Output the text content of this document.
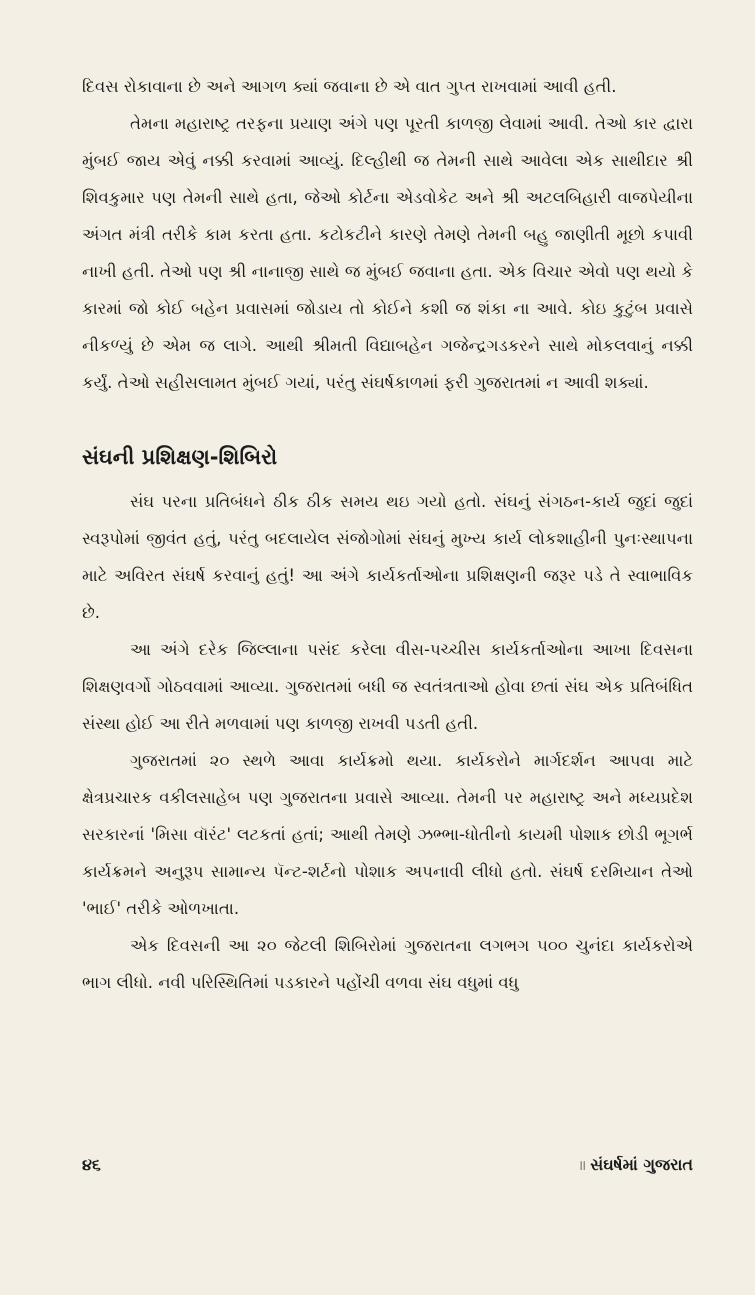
દિવસ રોકાવાના છે અને આગળ ક્યાં જવાના છે એ વાત ગુપ્ત રાખવામાં આવી હતી.

તેમના મહારાષ્ટ્ર તરફના પ્રયાણ અંગે પણ પૂરતી કાળજી લેવામાં આવી. તેઓ કાર દ્વારા મુંબઈ જાય એવું નક્કી કરવામાં આવ્યું. દિલ્હીથી જ તેમની સાથે આવેલા એક સાથીદાર શ્રી શિવકુમાર પણ તેમની સાથે હતા, જેઓ કોર્ટના એડવોકેટ અને શ્રી અટલબિહારી વાજપેયીના અંગત મંત્રી તરીકે કામ કરતા હતા. કટોકટીને કારણે તેમણે તેમની બહુ જાણીતી મૂછો કપાવી નાખી હતી. તેઓ પણ શ્રી નાનાજી સાથે જ મુંબઈ જવાના હતા. એક વિચાર એવો પણ થયો કે કારમાં જો કોઈ બહેન પ્રવાસમાં જોડાય તો કોઈને કશી જ શંકા ના આવે. કોઇ કુટુંબ પ્રવાસે નીકળ્યું છે એમ જ લાગે. આથી શ્રીમતી વિદ્યાબહેન ગજેન્દ્રગડકરને સાથે મોકલવાનું નક્કી કર્યું. તેઓ સહીસલામત મુંબઈ ગયાં, પરંતુ સંઘર્ષકાળમાં ફરી ગુજરાતમાં ન આવી શક્યાં.

સંઘની પ્રશિક્ષણ-શિબિરો

સંઘ પરના પ્રતિબંધને ઠીક ઠીક સમય થઇ ગયો હતો. સંઘનું સંગઠન-કાર્ય જુદાં જુદાં સ્વરૂપોમાં જીવંત હતું, પરંતુ બદલાયેલ સંજોગોમાં સંઘનું મુખ્ય કાર્ય લોકશાહીની પુનઃસ્થાપના માટે અવિરત સંઘર્ષ કરવાનું હતું! આ અંગે કાર્યકર્તાઓના પ્રશિક્ષણની જરૂર પડે તે સ્વાભાવિક છે.

આ અંગે દરેક જિલ્લાના પસંદ કરેલા વીસ-પચ્ચીસ કાર્યકર્તાઓના આખા દિવસના શિક્ષણવર્ગો ગોઠવવામાં આવ્યા. ગુજરાતમાં બધી જ સ્વતંત્રતાઓ હોવા છતાં સંઘ એક પ્રતિબંધિત સંસ્થા હોઈ આ રીતે મળવામાં પણ કાળજી રાખવી પડતી હતી.

ગુજરાતમાં ૨૦ સ્થળે આવા કાર્યક્રમો થયા. કાર્યકરોને માર્ગદર્શન આપવા માટે ક્ષેત્રપ્રચારક વકીલસાહેબ પણ ગુજરાતના પ્રવાસે આવ્યા. તેમની પર મહારાષ્ટ્ર અને મધ્યપ્રદેશ સરકારનાં 'મિસા વૉરંટ' લટકતાં હતાં; આથી તેમણે ઝભ્ભા-ધોતીનો કાયમી પોશાક છોડી ભૂગર્ભ કાર્યક્રમને અનુરૂપ સામાન્ય પૅન્ટ-શર્ટનો પોશાક અપનાવી લીધો હતો. સંઘર્ષ દરમિયાન તેઓ 'ભાઈ' તરીકે ઓળખાતા.

એક દિવસની આ ૨૦ જેટલી શિબિરોમાં ગુજરાતના લગભગ ૫૦૦ ચુનંદા કાર્યકરોએ ભાગ લીધો. નવી પરિસ્થિતિમાં પડકારને પહોંચી વળવા સંઘ વધુમાં વધુ

૪૬	॥ સંઘર્ષમાં ગુજરાત
